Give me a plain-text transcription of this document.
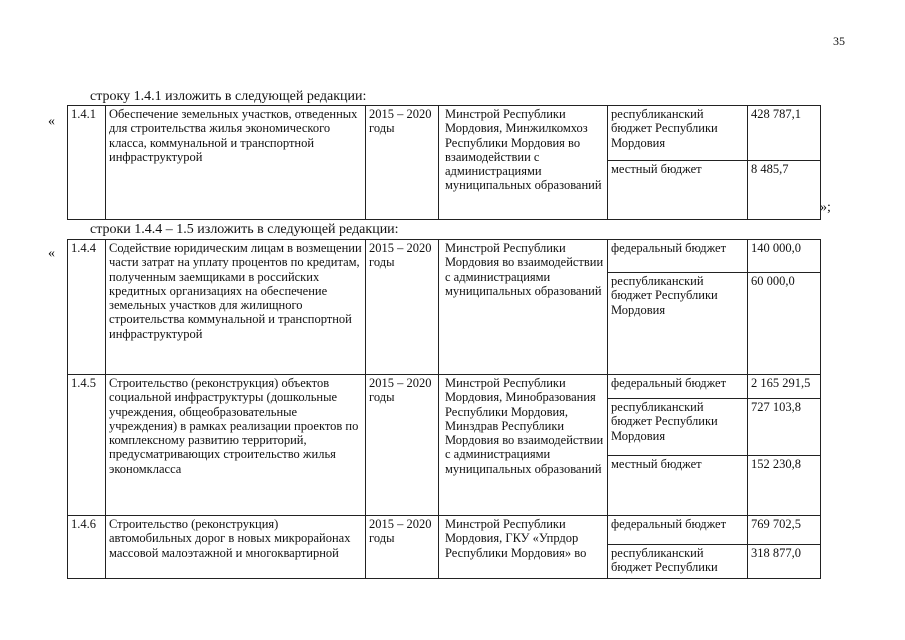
35
строку 1.4.1 изложить в следующей редакции:
«
»;
1.4.1	Обеспечение земельных участков, отведенных для строительства жилья экономического класса, коммунальной и транспортной инфраструктурой	2015 – 2020 годы	Минстрой Республики Мордовия, Минжилкомхоз Республики Мордовия во взаимодействии с администрациями муниципальных образований	республиканский бюджет Республики Мордовия	428 787,1
				местный бюджет	8 485,7
строки 1.4.4 – 1.5 изложить в следующей редакции:
« 1.4.4	Содействие юридическим лицам в возмещении части затрат на уплату процентов по кредитам, полученным заемщиками в российских кредитных организациях на обеспечение земельных участков для жилищного строительства коммунальной и транспортной инфраструктурой	2015 – 2020 годы	Минстрой Республики Мордовия во взаимодействии с администрациями муниципальных образований	федеральный бюджет	140 000,0
				республиканский бюджет Республики Мордовия	60 000,0
1.4.5	Строительство (реконструкция) объектов социальной инфраструктуры (дошкольные учреждения, общеобразовательные учреждения) в рамках реализации проектов по комплексному развитию территорий, предусматривающих строительство жилья экономкласса	2015 – 2020 годы	Минстрой Республики Мордовия, Минобразования Республики Мордовия, Минздрав Республики Мордовия во взаимодействии с администрациями муниципальных образований	федеральный бюджет	2 165 291,5
				республиканский бюджет Республики Мордовия	727 103,8
				местный бюджет	152 230,8
1.4.6	Строительство (реконструкция) автомобильных дорог в новых микрорайонах массовой малоэтажной и многоквартирной	2015 – 2020 годы	Минстрой Республики Мордовия, ГКУ «Упрдор Республики Мордовия» во	федеральный бюджет	769 702,5
				республиканский бюджет Республики	318 877,0
